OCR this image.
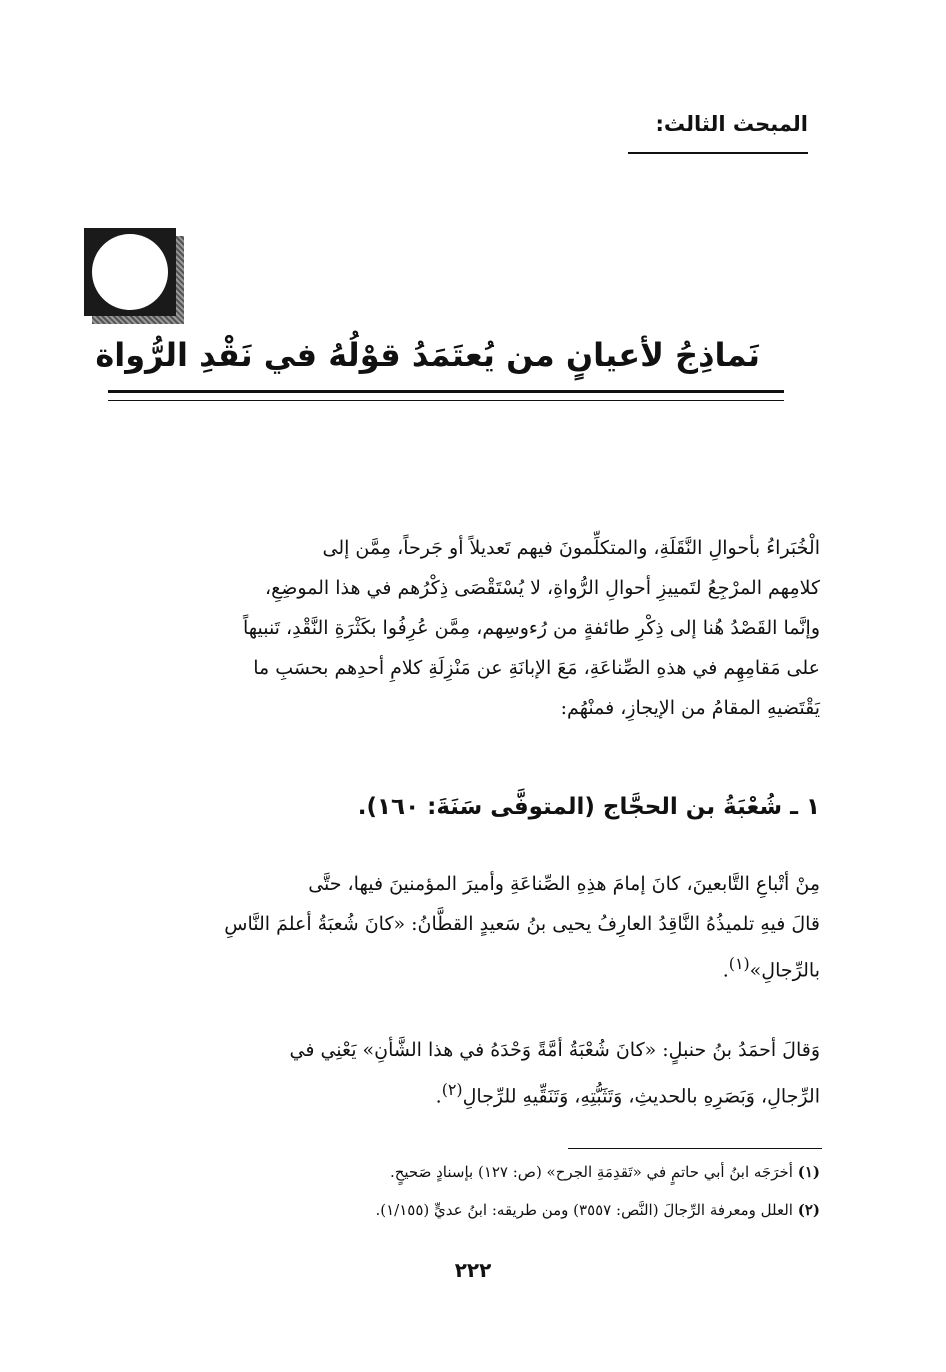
المبحث الثالث:
نَماذِجُ لأعيانٍ من يُعتَمَدُ قوْلُهُ في نَقْدِ الرُّواة
الْخُبَراءُ بأحوالِ النَّقَلَةِ، والمتكلِّمونَ فيهم تَعديلاً أو جَرحاً، مِمَّن إلى
كلامِهم المرْجِعُ لتَمييزِ أحوالِ الرُّواةِ، لا يُسْتَقْصَى ذِكْرُهم في هذا الموضِعِ،
وإنَّما القَصْدُ هُنا إلى ذِكْرِ طائفةٍ من رُءوسِهم، مِمَّن عُرِفُوا بكَثْرَةِ النَّقْدِ، تَنبيهاً
على مَقامِهِم في هذهِ الصِّناعَةِ، مَعَ الإبانَةِ عن مَنْزِلَةِ كلامِ أحدِهم بحسَبِ ما
يَقْتَضيهِ المقامُ من الإيجازِ، فمنْهُم:
١ ـ شُعْبَةُ بن الحجَّاج (المتوفَّى سَنَةَ: ١٦٠).
مِنْ أتْباعِ التَّابعينَ، كانَ إمامَ هذِهِ الصِّناعَةِ وأميرَ المؤمنينَ فيها، حتَّى
قالَ فيهِ تلميذُهُ النَّاقِدُ العارِفُ يحيى بنُ سَعيدٍ القطَّانُ: «كانَ شُعبَةُ أعلمَ النَّاسِ
بالرِّجالِ»$^{(١)}$.
وَقالَ أحمَدُ بنُ حنبلٍ: «كانَ شُعْبَةُ أمَّةً وَحْدَهُ في هذا الشَّأنِ» يَعْنِي في
الرِّجالِ، وَبَصَرِهِ بالحديثِ، وَتَثَبُّتِهِ، وَتَنَقِّيهِ للرِّجالِ$^{(٢)}$.
(١) أخرَجَه ابنُ أبي حاتمٍ في «تَقدِمَةِ الجرح» (ص: ١٢٧) بإسنادٍ صَحيحٍ.
(٢) العلل ومعرفة الرِّجالَ (النَّص: ٣٥٥٧) ومن طريقه: ابنُ عديٍّ (١/١٥٥).
٢٢٢
